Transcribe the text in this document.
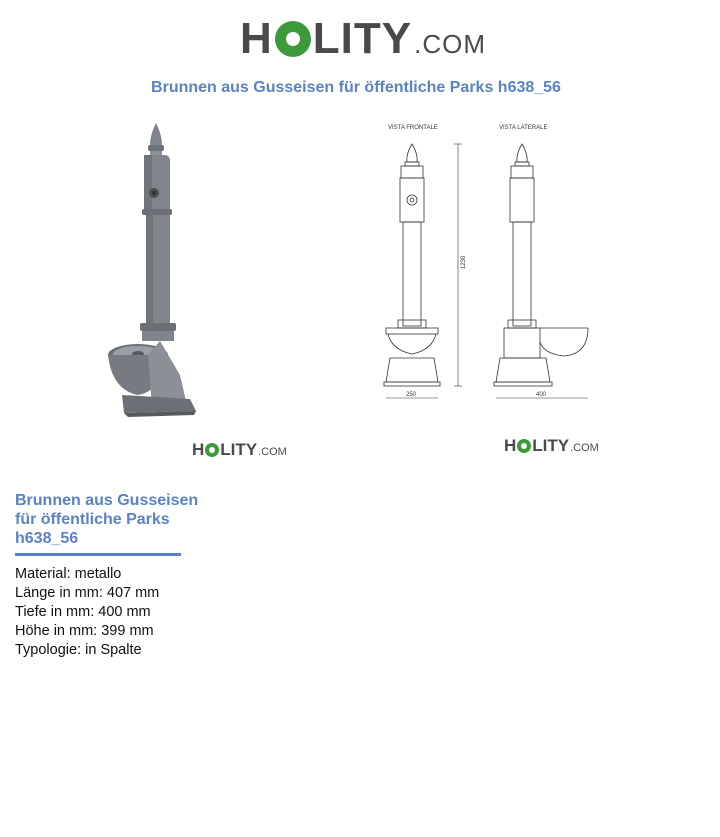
H LITY .COM
Brunnen aus Gusseisen für öffentliche Parks h638_56
H LITY .COM
VISTA FRONTALE	VISTA LATERALE
1230
250	400
H LITY .COM
Brunnen aus Gusseisen für öffentliche Parks h638_56
Material: metallo
Länge in mm: 407 mm
Tiefe in mm: 400 mm
Höhe in mm: 399 mm
Typologie: in Spalte
